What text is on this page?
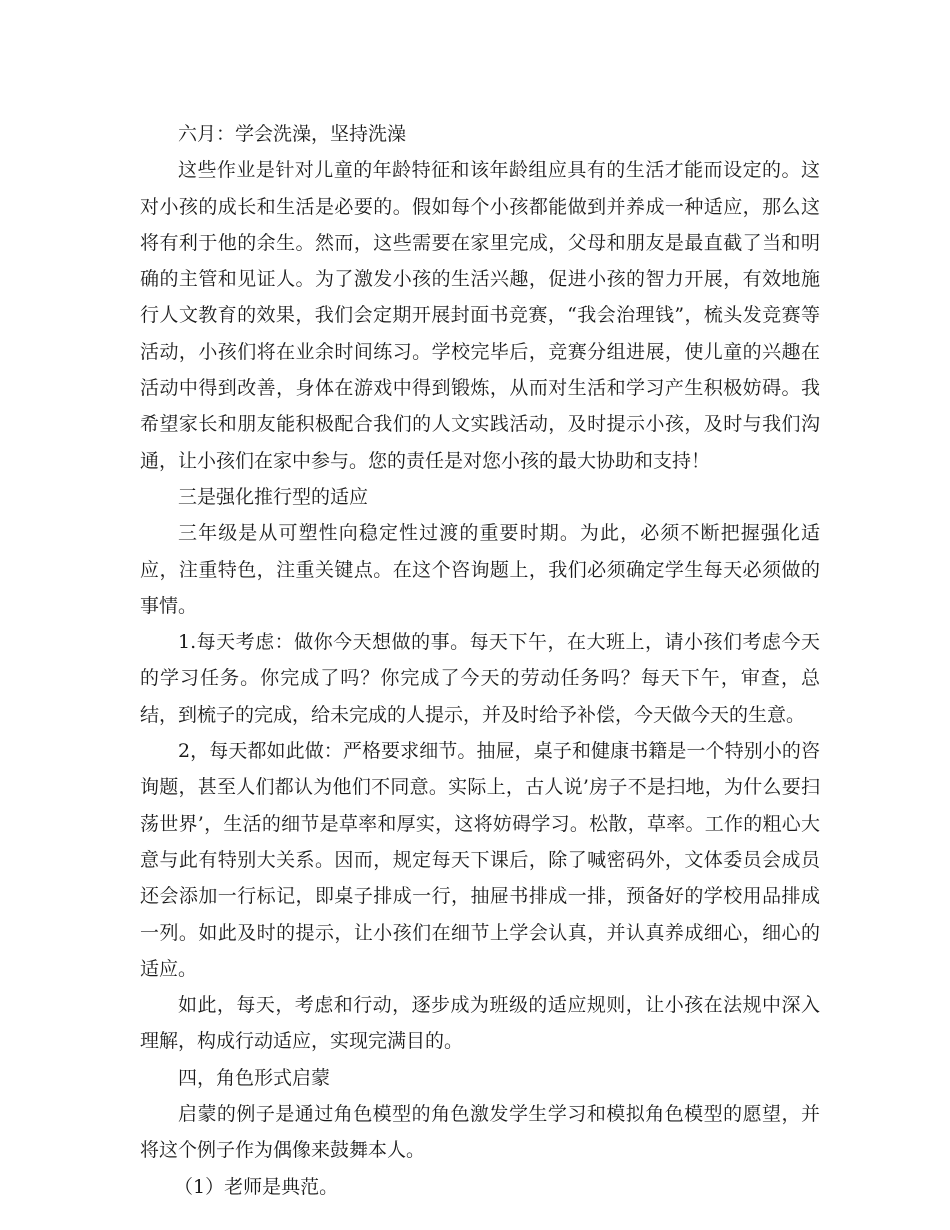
六月：学会洗澡，坚持洗澡

这些作业是针对儿童的年龄特征和该年龄组应具有的生活才能而设定的。这对小孩的成长和生活是必要的。假如每个小孩都能做到并养成一种适应，那么这将有利于他的余生。然而，这些需要在家里完成，父母和朋友是最直截了当和明确的主管和见证人。为了激发小孩的生活兴趣，促进小孩的智力开展，有效地施行人文教育的效果，我们会定期开展封面书竞赛，“我会治理钱”，梳头发竞赛等活动，小孩们将在业余时间练习。学校完毕后，竞赛分组进展，使儿童的兴趣在活动中得到改善，身体在游戏中得到锻炼，从而对生活和学习产生积极妨碍。我希望家长和朋友能积极配合我们的人文实践活动，及时提示小孩，及时与我们沟通，让小孩们在家中参与。您的责任是对您小孩的最大协助和支持！

三是强化推行型的适应

三年级是从可塑性向稳定性过渡的重要时期。为此，必须不断把握强化适应，注重特色，注重关键点。在这个咨询题上，我们必须确定学生每天必须做的事情。

1.每天考虑：做你今天想做的事。每天下午，在大班上，请小孩们考虑今天的学习任务。你完成了吗？你完成了今天的劳动任务吗？每天下午，审查，总结，到梳子的完成，给未完成的人提示，并及时给予补偿，今天做今天的生意。

2，每天都如此做：严格要求细节。抽屉，桌子和健康书籍是一个特别小的咨询题，甚至人们都认为他们不同意。实际上，古人说’房子不是扫地，为什么要扫荡世界’，生活的细节是草率和厚实，这将妨碍学习。松散，草率。工作的粗心大意与此有特别大关系。因而，规定每天下课后，除了喊密码外，文体委员会成员还会添加一行标记，即桌子排成一行，抽屉书排成一排，预备好的学校用品排成一列。如此及时的提示，让小孩们在细节上学会认真，并认真养成细心，细心的适应。

如此，每天，考虑和行动，逐步成为班级的适应规则，让小孩在法规中深入理解，构成行动适应，实现完满目的。

四，角色形式启蒙

启蒙的例子是通过角色模型的角色激发学生学习和模拟角色模型的愿望，并将这个例子作为偶像来鼓舞本人。

（1）老师是典范。
